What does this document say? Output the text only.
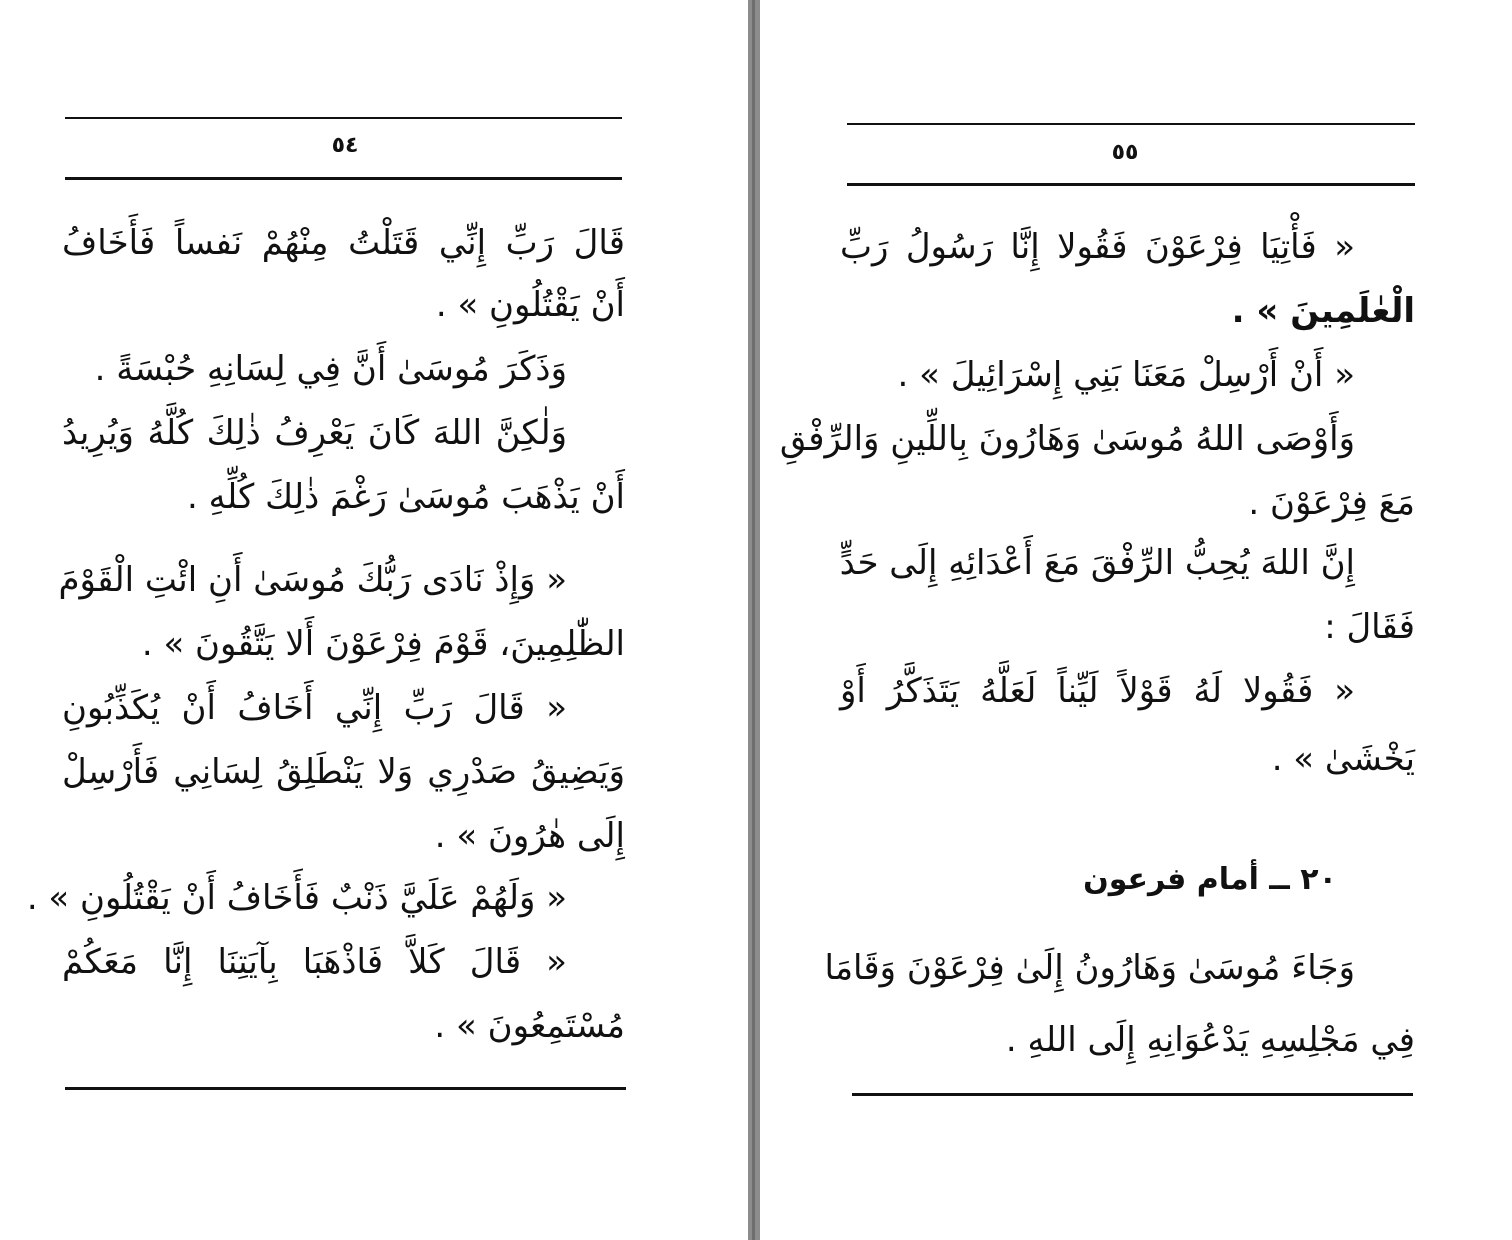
٥٤
قَالَ رَبِّ إِنِّي قَتَلْتُ مِنْهُمْ نَفساً فَأَخَافُ
أَنْ يَقْتُلُونِ » .
وَذَكَرَ مُوسَىٰ أَنَّ فِي لِسَانِهِ حُبْسَةً .
وَلٰكِنَّ اللهَ كَانَ يَعْرِفُ ذٰلِكَ كُلَّهُ وَيُرِيدُ
أَنْ يَذْهَبَ مُوسَىٰ رَغْمَ ذٰلِكَ كُلِّهِ .
« وَإِذْ نَادَى رَبُّكَ مُوسَىٰ أَنِ ائْتِ الْقَوْمَ
الظّٰلِمِينَ، قَوْمَ فِرْعَوْنَ أَلا يَتَّقُونَ » .
« قَالَ رَبِّ إِنِّي أَخَافُ أَنْ يُكَذِّبُونِ
وَيَضِيقُ صَدْرِي وَلا يَنْطَلِقُ لِسَانِي فَأَرْسِلْ
إِلَى هٰرُونَ » .
« وَلَهُمْ عَلَيَّ ذَنْبٌ فَأَخَافُ أَنْ يَقْتُلُونِ » .
« قَالَ كَلاَّ فَاذْهَبَا بِآيَتِنَا إِنَّا مَعَكُمْ
مُسْتَمِعُونَ » .
٥٥
« فَأْتِيَا فِرْعَوْنَ فَقُولا إِنَّا رَسُولُ رَبِّ
الْعٰلَمِينَ » .
« أَنْ أَرْسِلْ مَعَنَا بَنِي إِسْرَائِيلَ » .
وَأَوْصَى اللهُ مُوسَىٰ وَهَارُونَ بِاللِّينِ وَالرِّفْقِ
مَعَ فِرْعَوْنَ .
إِنَّ اللهَ يُحِبُّ الرِّفْقَ مَعَ أَعْدَائِهِ إِلَى حَدٍّ
فَقَالَ :
« فَقُولا لَهُ قَوْلاً لَيِّناً لَعَلَّهُ يَتَذَكَّرُ أَوْ
يَخْشَىٰ » .
٢٠ ــ أمام فرعون
وَجَاءَ مُوسَىٰ وَهَارُونُ إِلَىٰ فِرْعَوْنَ وَقَامَا
فِي مَجْلِسِهِ يَدْعُوَانِهِ إِلَى اللهِ .
